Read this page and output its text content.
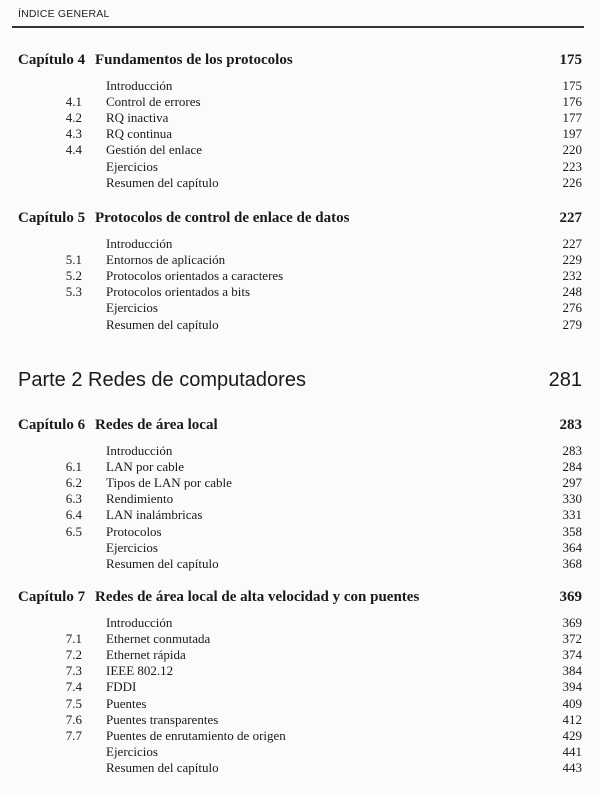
ÍNDICE GENERAL
Capítulo 4 Fundamentos de los protocolos	175
Introducción	175
4.1 Control de errores	176
4.2 RQ inactiva	177
4.3 RQ continua	197
4.4 Gestión del enlace	220
Ejercicios	223
Resumen del capítulo	226
Capítulo 5 Protocolos de control de enlace de datos	227
Introducción	227
5.1 Entornos de aplicación	229
5.2 Protocolos orientados a caracteres	232
5.3 Protocolos orientados a bits	248
Ejercicios	276
Resumen del capítulo	279
Parte 2 Redes de computadores	281
Capítulo 6 Redes de área local	283
Introducción	283
6.1 LAN por cable	284
6.2 Tipos de LAN por cable	297
6.3 Rendimiento	330
6.4 LAN inalámbricas	331
6.5 Protocolos	358
Ejercicios	364
Resumen del capítulo	368
Capítulo 7 Redes de área local de alta velocidad y con puentes	369
Introducción	369
7.1 Ethernet conmutada	372
7.2 Ethernet rápida	374
7.3 IEEE 802.12	384
7.4 FDDI	394
7.5 Puentes	409
7.6 Puentes transparentes	412
7.7 Puentes de enrutamiento de origen	429
Ejercicios	441
Resumen del capítulo	443
